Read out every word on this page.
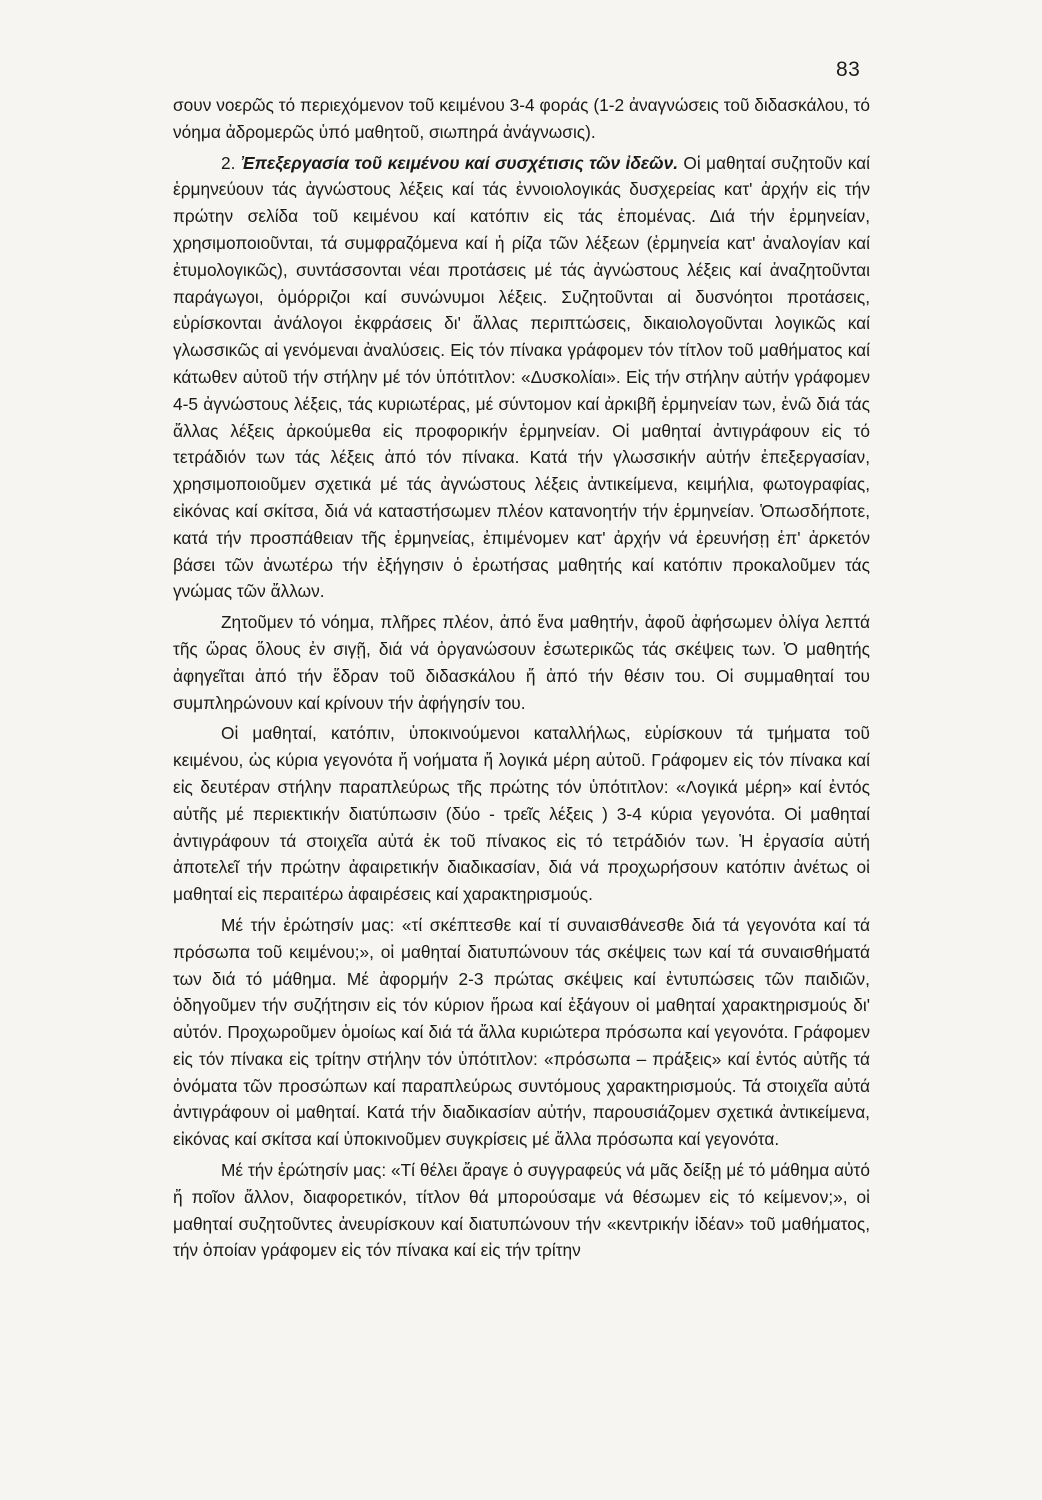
83

σουν νοερῶς τό περιεχόμενον τοῦ κειμένου 3-4 φοράς (1-2 ἀναγνώσεις τοῦ διδασκάλου, τό νόημα ἀδρομερῶς ὑπό μαθητοῦ, σιωπηρά ἀνάγνωσις).

2. Ἐπεξεργασία τοῦ κειμένου καί συσχέτισις τῶν ἰδεῶν. Οἱ μαθηταί συζητοῦν καί ἑρμηνεύουν τάς ἀγνώστους λέξεις καί τάς ἐννοιολογικάς δυσχερείας κατ' ἀρχήν εἰς τήν πρώτην σελίδα τοῦ κειμένου καί κατόπιν εἰς τάς ἑπομένας. Διά τήν ἑρμηνείαν, χρησιμοποιοῦνται, τά συμφραζόμενα καί ἡ ρίζα τῶν λέξεων (ἑρμηνεία κατ' ἀναλογίαν καί ἐτυμολογικῶς), συντάσσονται νέαι προτάσεις μέ τάς ἀγνώστους λέξεις καί ἀναζητοῦνται παράγωγοι, ὁμόρριζοι καί συνώνυμοι λέξεις. Συζητοῦνται αἱ δυσνόητοι προτάσεις, εὑρίσκονται ἀνάλογοι ἐκφράσεις δι' ἄλλας περιπτώσεις, δικαιολογοῦνται λογικῶς καί γλωσσικῶς αἱ γενόμεναι ἀναλύσεις. Εἰς τόν πίνακα γράφομεν τόν τίτλον τοῦ μαθήματος καί κάτωθεν αὐτοῦ τήν στήλην μέ τόν ὑπότιτλον: «Δυσκολίαι». Εἰς τήν στήλην αὐτήν γράφομεν 4-5 ἀγνώστους λέξεις, τάς κυριωτέρας, μέ σύντομον καί ἀρκιβῆ ἑρμηνείαν των, ἐνῶ διά τάς ἄλλας λέξεις ἀρκούμεθα εἰς προφορικήν ἑρμηνείαν. Οἱ μαθηταί ἀντιγράφουν εἰς τό τετράδιόν των τάς λέξεις ἀπό τόν πίνακα. Κατά τήν γλωσσικήν αὐτήν ἐπεξεργασίαν, χρησιμοποιοῦμεν σχετικά μέ τάς ἀγνώστους λέξεις ἀντικείμενα, κειμήλια, φωτογραφίας, εἰκόνας καί σκίτσα, διά νά καταστήσωμεν πλέον κατανοητήν τήν ἑρμηνείαν. Ὁπωσδήποτε, κατά τήν προσπάθειαν τῆς ἑρμηνείας, ἐπιμένομεν κατ' ἀρχήν νά ἐρευνήσῃ ἐπ' ἀρκετόν βάσει τῶν ἀνωτέρω τήν ἐξήγησιν ὁ ἐρωτήσας μαθητής καί κατόπιν προκαλοῦμεν τάς γνώμας τῶν ἄλλων.

Ζητοῦμεν τό νόημα, πλῆρες πλέον, ἀπό ἕνα μαθητήν, ἀφοῦ ἀφήσωμεν ὀλίγα λεπτά τῆς ὥρας ὅλους ἐν σιγῇ, διά νά ὀργανώσουν ἐσωτερικῶς τάς σκέψεις των. Ὁ μαθητής ἀφηγεῖται ἀπό τήν ἕδραν τοῦ διδασκάλου ἤ ἀπό τήν θέσιν του. Οἱ συμμαθηταί του συμπληρώνουν καί κρίνουν τήν ἀφήγησίν του.

Οἱ μαθηταί, κατόπιν, ὑποκινούμενοι καταλλήλως, εὑρίσκουν τά τμήματα τοῦ κειμένου, ὡς κύρια γεγονότα ἤ νοήματα ἤ λογικά μέρη αὐτοῦ. Γράφομεν εἰς τόν πίνακα καί εἰς δευτέραν στήλην παραπλεύρως τῆς πρώτης τόν ὑπότιτλον: «Λογικά μέρη» καί ἐντός αὐτῆς μέ περιεκτικήν διατύπωσιν (δύο - τρεῖς λέξεις ) 3-4 κύρια γεγονότα. Οἱ μαθηταί ἀντιγράφουν τά στοιχεῖα αὐτά ἐκ τοῦ πίνακος εἰς τό τετράδιόν των. Ἡ ἐργασία αὐτή ἀποτελεῖ τήν πρώτην ἀφαιρετικήν διαδικασίαν, διά νά προχωρήσουν κατόπιν ἀνέτως οἱ μαθηταί εἰς περαιτέρω ἀφαιρέσεις καί χαρακτηρισμούς.

Μέ τήν ἐρώτησίν μας: «τί σκέπτεσθε καί τί συναισθάνεσθε διά τά γεγονότα καί τά πρόσωπα τοῦ κειμένου;», οἱ μαθηταί διατυπώνουν τάς σκέψεις των καί τά συναισθήματά των διά τό μάθημα. Μέ ἀφορμήν 2-3 πρώτας σκέψεις καί ἐντυπώσεις τῶν παιδιῶν, ὁδηγοῦμεν τήν συζήτησιν εἰς τόν κύριον ἥρωα καί ἐξάγουν οἱ μαθηταί χαρακτηρισμούς δι' αὐτόν. Προχωροῦμεν ὁμοίως καί διά τά ἄλλα κυριώτερα πρόσωπα καί γεγονότα. Γράφομεν εἰς τόν πίνακα εἰς τρίτην στήλην τόν ὑπότιτλον: «πρόσωπα – πράξεις» καί ἐντός αὐτῆς τά ὀνόματα τῶν προσώπων καί παραπλεύρως συντόμους χαρακτηρισμούς. Τά στοιχεῖα αὐτά ἀντιγράφουν οἱ μαθηταί. Κατά τήν διαδικασίαν αὐτήν, παρουσιάζομεν σχετικά ἀντικείμενα, εἰκόνας καί σκίτσα καί ὑποκινοῦμεν συγκρίσεις μέ ἄλλα πρόσωπα καί γεγονότα.

Μέ τήν ἐρώτησίν μας: «Τί θέλει ἄραγε ὁ συγγραφεύς νά μᾶς δείξῃ μέ τό μάθημα αὐτό ἤ ποῖον ἄλλον, διαφορετικόν, τίτλον θά μπορούσαμε νά θέσωμεν εἰς τό κείμενον;», οἱ μαθηταί συζητοῦντες ἀνευρίσκουν καί διατυπώνουν τήν «κεντρικήν ἰδέαν» τοῦ μαθήματος, τήν ὁποίαν γράφομεν εἰς τόν πίνακα καί εἰς τήν τρίτην
